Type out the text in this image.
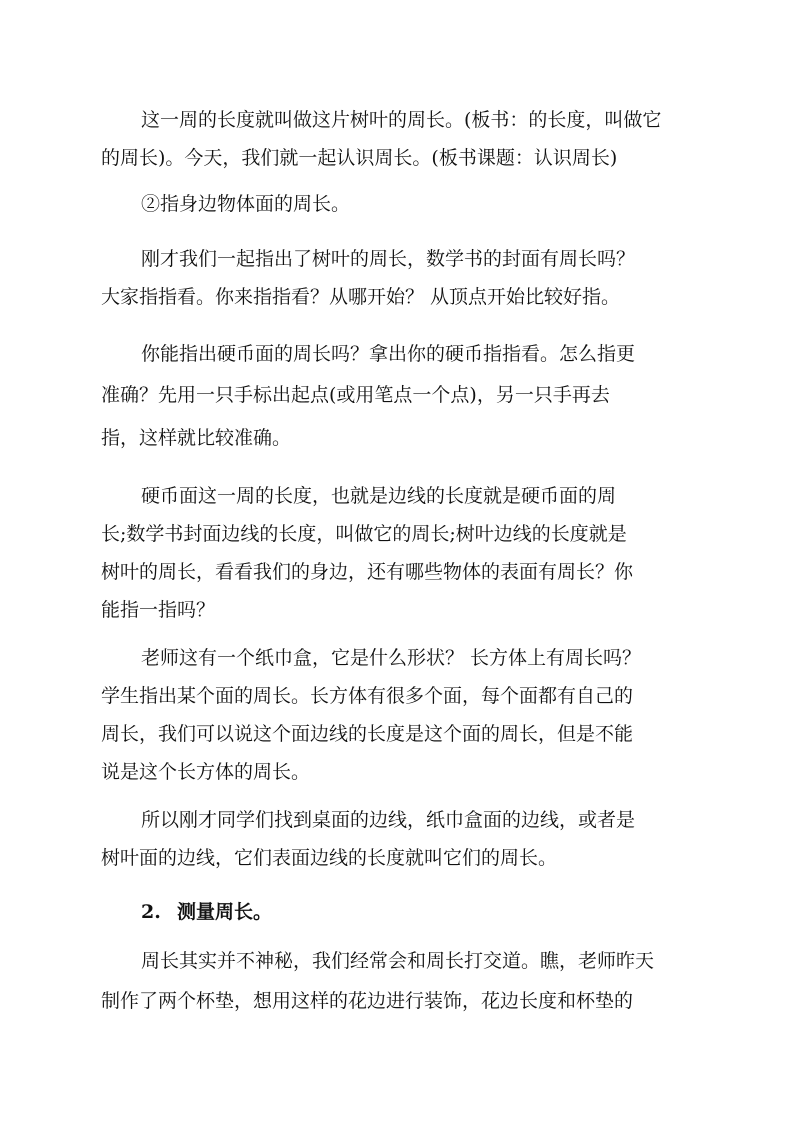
这一周的长度就叫做这片树叶的周长。(板书：的长度，叫做它
的周长)。今天，我们就一起认识周长。(板书课题：认识周长)
②指身边物体面的周长。
刚才我们一起指出了树叶的周长，数学书的封面有周长吗？
大家指指看。你来指指看？从哪开始？ 从顶点开始比较好指。
你能指出硬币面的周长吗？拿出你的硬币指指看。怎么指更
准确？先用一只手标出起点(或用笔点一个点)，另一只手再去
指，这样就比较准确。
硬币面这一周的长度，也就是边线的长度就是硬币面的周
长;数学书封面边线的长度，叫做它的周长;树叶边线的长度就是
树叶的周长，看看我们的身边，还有哪些物体的表面有周长？你
能指一指吗？
老师这有一个纸巾盒，它是什么形状？ 长方体上有周长吗？
学生指出某个面的周长。长方体有很多个面，每个面都有自己的
周长，我们可以说这个面边线的长度是这个面的周长，但是不能
说是这个长方体的周长。
所以刚才同学们找到桌面的边线，纸巾盒面的边线，或者是
树叶面的边线，它们表面边线的长度就叫它们的周长。
2. 测量周长。
周长其实并不神秘，我们经常会和周长打交道。瞧，老师昨天
制作了两个杯垫，想用这样的花边进行装饰，花边长度和杯垫的
